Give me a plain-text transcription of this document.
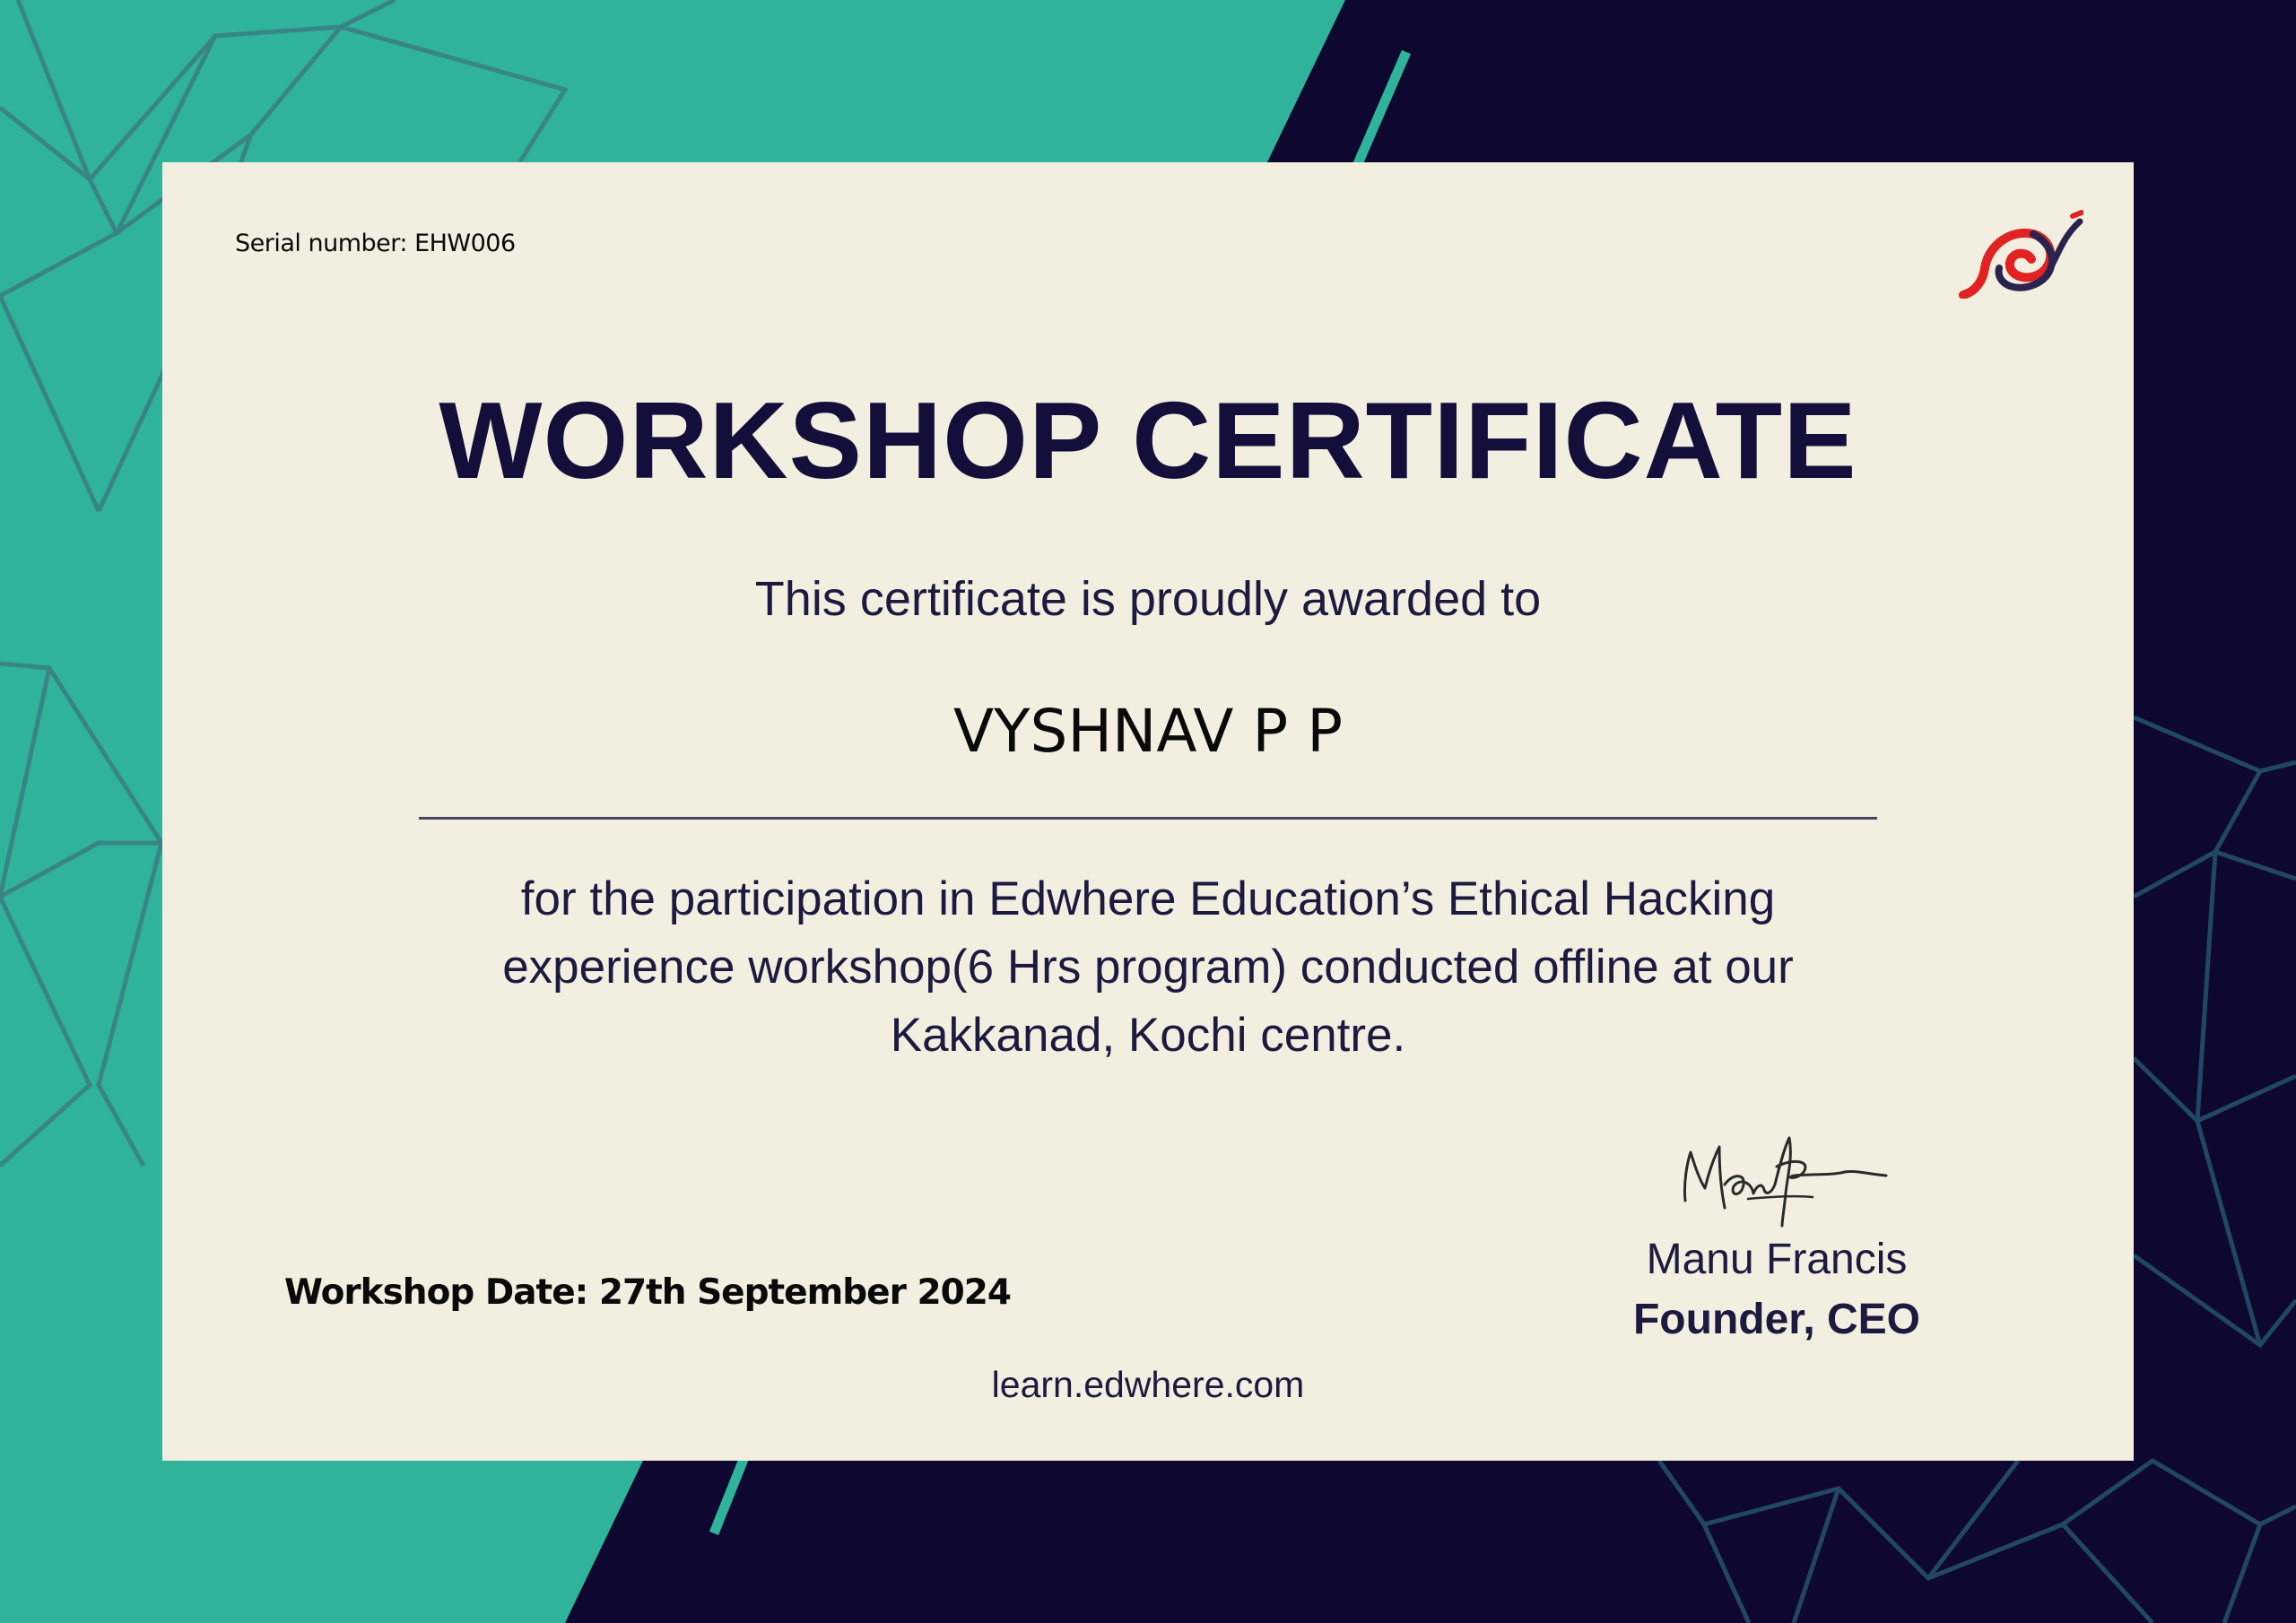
Serial number: EHW006
WORKSHOP CERTIFICATE
This certificate is proudly awarded to
VYSHNAV P P
for the participation in Edwhere Education’s Ethical Hacking
experience workshop(6 Hrs program) conducted offline at our
Kakkanad, Kochi centre.
Manu Francis
Founder, CEO
Workshop Date: 27th September 2024
learn.edwhere.com
